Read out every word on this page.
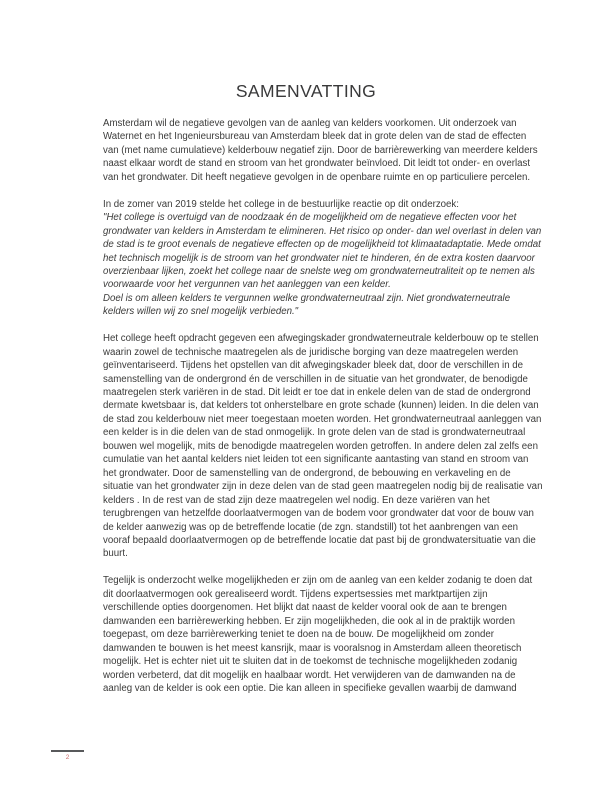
SAMENVATTING

Amsterdam wil de negatieve gevolgen van de aanleg van kelders voorkomen. Uit onderzoek van Waternet en het Ingenieursbureau van Amsterdam bleek dat in grote delen van de stad de effecten van (met name cumulatieve) kelderbouw negatief zijn. Door de barrièrewerking van meerdere kelders naast elkaar wordt de stand en stroom van het grondwater beïnvloed. Dit leidt tot onder- en overlast van het grondwater. Dit heeft negatieve gevolgen in de openbare ruimte en op particuliere percelen.

In de zomer van 2019 stelde het college in de bestuurlijke reactie op dit onderzoek:
"Het college is overtuigd van de noodzaak én de mogelijkheid om de negatieve effecten voor het grondwater van kelders in Amsterdam te elimineren. Het risico op onder- dan wel overlast in delen van de stad is te groot evenals de negatieve effecten op de mogelijkheid tot klimaatadaptatie. Mede omdat het technisch mogelijk is de stroom van het grondwater niet te hinderen, én de extra kosten daarvoor overzienbaar lijken, zoekt het college naar de snelste weg om grondwaterneutraliteit op te nemen als voorwaarde voor het vergunnen van het aanleggen van een kelder.
Doel is om alleen kelders te vergunnen welke grondwaterneutraal zijn. Niet grondwaterneutrale kelders willen wij zo snel mogelijk verbieden."

Het college heeft opdracht gegeven een afwegingskader grondwaterneutrale kelderbouw op te stellen waarin zowel de technische maatregelen als de juridische borging van deze maatregelen werden geïnventariseerd. Tijdens het opstellen van dit afwegingskader bleek dat, door de verschillen in de samenstelling van de ondergrond én de verschillen in de situatie van het grondwater, de benodigde maatregelen sterk variëren in de stad. Dit leidt er toe dat in enkele delen van de stad de ondergrond dermate kwetsbaar is, dat kelders tot onherstelbare en grote schade (kunnen) leiden. In die delen van de stad zou kelderbouw niet meer toegestaan moeten worden. Het grondwaterneutraal aanleggen van een kelder is in die delen van de stad onmogelijk. In grote delen van de stad is grondwaterneutraal bouwen wel mogelijk, mits de benodigde maatregelen worden getroffen. In andere delen zal zelfs een cumulatie van het aantal kelders niet leiden tot een significante aantasting van stand en stroom van het grondwater. Door de samenstelling van de ondergrond, de bebouwing en verkaveling en de situatie van het grondwater zijn in deze delen van de stad geen maatregelen nodig bij de realisatie van kelders . In de rest van de stad zijn deze maatregelen wel nodig. En deze variëren van het terugbrengen van hetzelfde doorlaatvermogen van de bodem voor grondwater dat voor de bouw van de kelder aanwezig was op de betreffende locatie (de zgn. standstill) tot het aanbrengen van een vooraf bepaald doorlaatvermogen op de betreffende locatie dat past bij de grondwatersituatie van die buurt.

Tegelijk is onderzocht welke mogelijkheden er zijn om de aanleg van een kelder zodanig te doen dat dit doorlaatvermogen ook gerealiseerd wordt. Tijdens expertsessies met marktpartijen zijn verschillende opties doorgenomen. Het blijkt dat naast de kelder vooral ook de aan te brengen damwanden een barrièrewerking hebben. Er zijn mogelijkheden, die ook al in de praktijk worden toegepast, om deze barrièrewerking teniet te doen na de bouw. De mogelijkheid om zonder damwanden te bouwen is het meest kansrijk, maar is vooralsnog in Amsterdam alleen theoretisch mogelijk. Het is echter niet uit te sluiten dat in de toekomst de technische mogelijkheden zodanig worden verbeterd, dat dit mogelijk en haalbaar wordt. Het verwijderen van de damwanden na de aanleg van de kelder is ook een optie. Die kan alleen in specifieke gevallen waarbij de damwand

2
